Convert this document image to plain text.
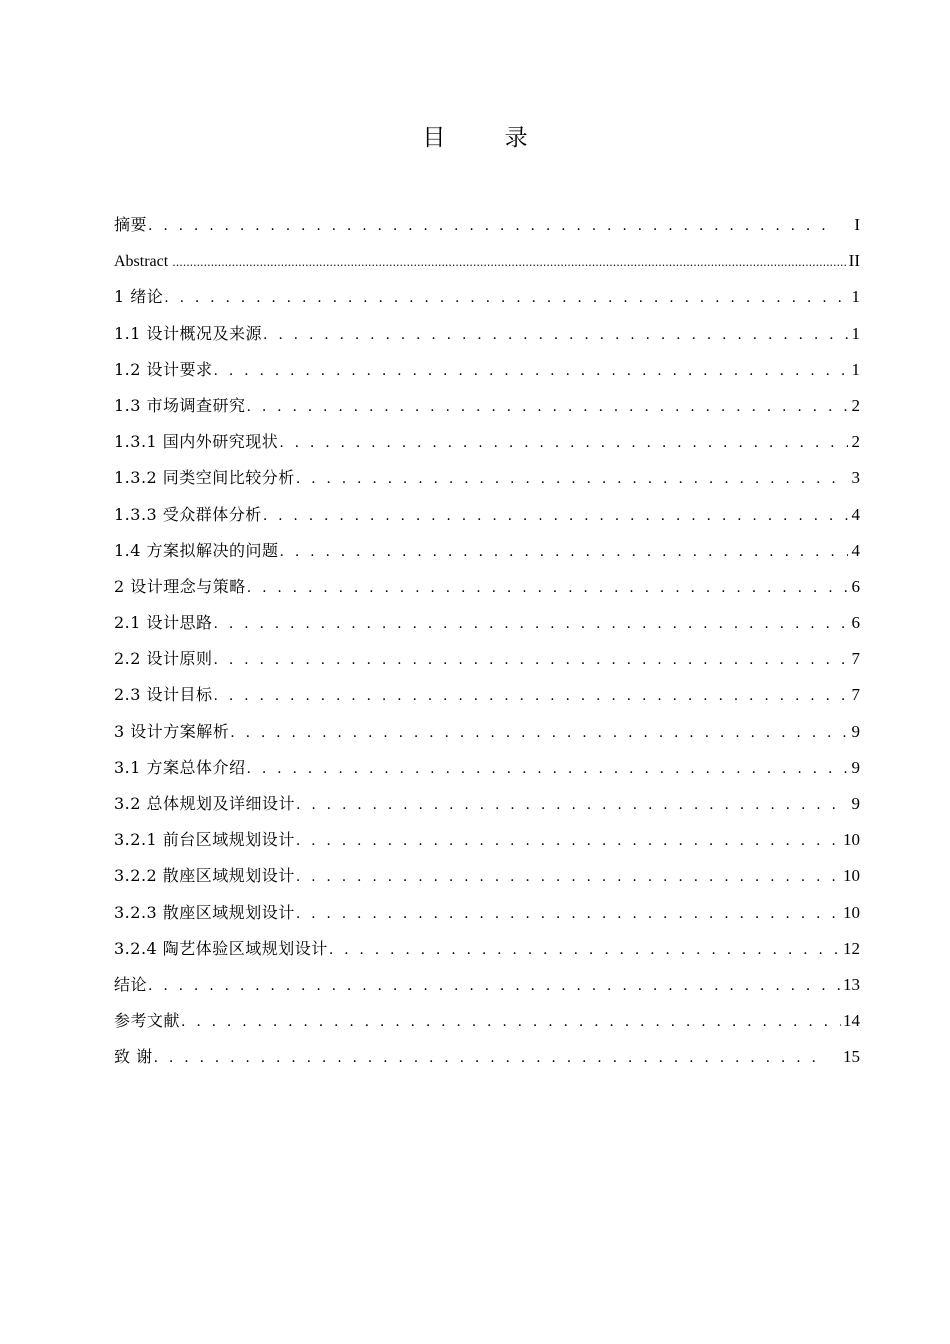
目 录
摘要 . . .	I
Abstract .....	II
1 绪论 . . .	1
1.1 设计概况及来源 . . .	1
1.2 设计要求 . . .	1
1.3 市场调查研究 . . .	2
1.3.1 国内外研究现状 . . .	2
1.3.2 同类空间比较分析 . . .	3
1.3.3 受众群体分析 . . .	4
1.4 方案拟解决的问题 . . .	4
2 设计理念与策略 . . .	6
2.1 设计思路 . . .	6
2.2 设计原则 . . .	7
2.3 设计目标 . . .	7
3 设计方案解析 . . .	9
3.1 方案总体介绍 . . .	9
3.2 总体规划及详细设计 . . .	9
3.2.1 前台区域规划设计 . . .	10
3.2.2 散座区域规划设计 . . .	10
3.2.3 散座区域规划设计 . . .	10
3.2.4 陶艺体验区域规划设计 . . .	12
结论 . . .	13
参考文献 . . .	14
致 谢 . . .	15
